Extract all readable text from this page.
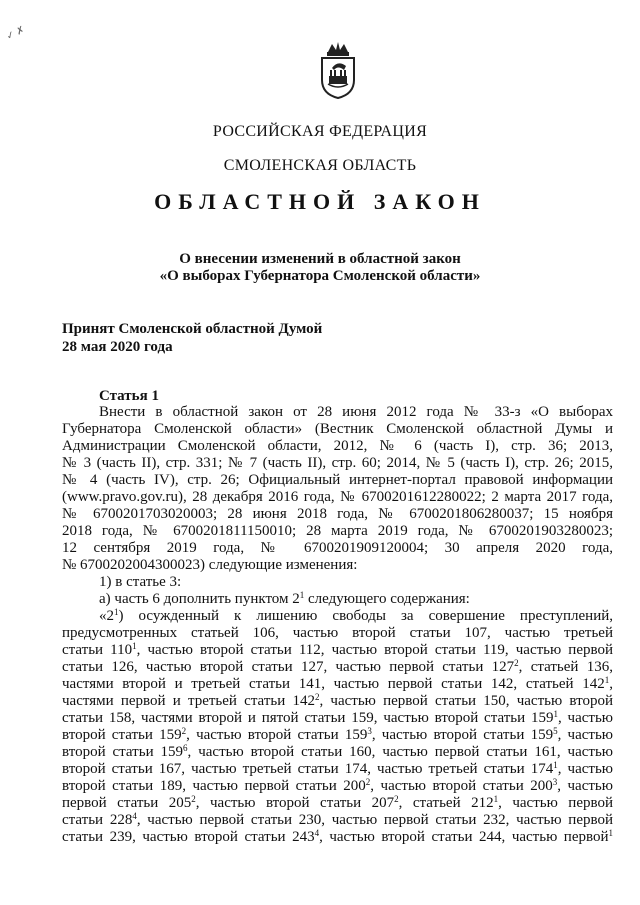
✓ ✗
РОССИЙСКАЯ ФЕДЕРАЦИЯ
СМОЛЕНСКАЯ ОБЛАСТЬ
ОБЛАСТНОЙ ЗАКОН
О внесении изменений в областной закон
«О выборах Губернатора Смоленской области»
Принят Смоленской областной Думой
28 мая 2020 года
Статья 1

Внести в областной закон от 28 июня 2012 года № 33-з «О выборах

Губернатора Смоленской области» (Вестник Смоленской областной Думы и

Администрации Смоленской области, 2012, № 6 (часть I), стр. 36; 2013,

№ 3 (часть II), стр. 331; № 7 (часть II), стр. 60; 2014, № 5 (часть I), стр. 26; 2015,

№ 4 (часть IV), стр. 26; Официальный интернет-портал правовой информации

(www.pravo.gov.ru), 28 декабря 2016 года, № 6700201612280022; 2 марта 2017 года,

№ 6700201703020003; 28 июня 2018 года, № 6700201806280037; 15 ноября

2018 года, № 6700201811150010; 28 марта 2019 года, № 6700201903280023;

12 сентября 2019 года, № 6700201909120004; 30 апреля 2020 года,

№ 6700202004300023) следующие изменения:

1) в статье 3:

а) часть 6 дополнить пунктом $2^1$ следующего содержания:

«$2^1$) осужденный к лишению свободы за совершение преступлений,

предусмотренных статьей 106, частью второй статьи 107, частью третьей

статьи $110^1$, частью второй статьи 112, частью второй статьи 119, частью первой

статьи 126, частью второй статьи 127, частью первой статьи $127^2$, статьей 136,

частями второй и третьей статьи 141, частью первой статьи 142, статьей $142^1$,

частями первой и третьей статьи $142^2$, частью первой статьи 150, частью второй

статьи 158, частями второй и пятой статьи 159, частью второй статьи $159^1$, частью

второй статьи $159^2$, частью второй статьи $159^3$, частью второй статьи $159^5$, частью

второй статьи $159^6$, частью второй статьи 160, частью первой статьи 161, частью

второй статьи 167, частью третьей статьи 174, частью третьей статьи $174^1$, частью

второй статьи 189, частью первой статьи $200^2$, частью второй статьи $200^3$, частью

первой статьи $205^2$, частью второй статьи $207^2$, статьей $212^1$, частью первой

статьи $228^4$, частью первой статьи 230, частью первой статьи 232, частью первой

статьи 239, частью второй статьи $243^4$, частью второй статьи 244, частью первой$^1$
